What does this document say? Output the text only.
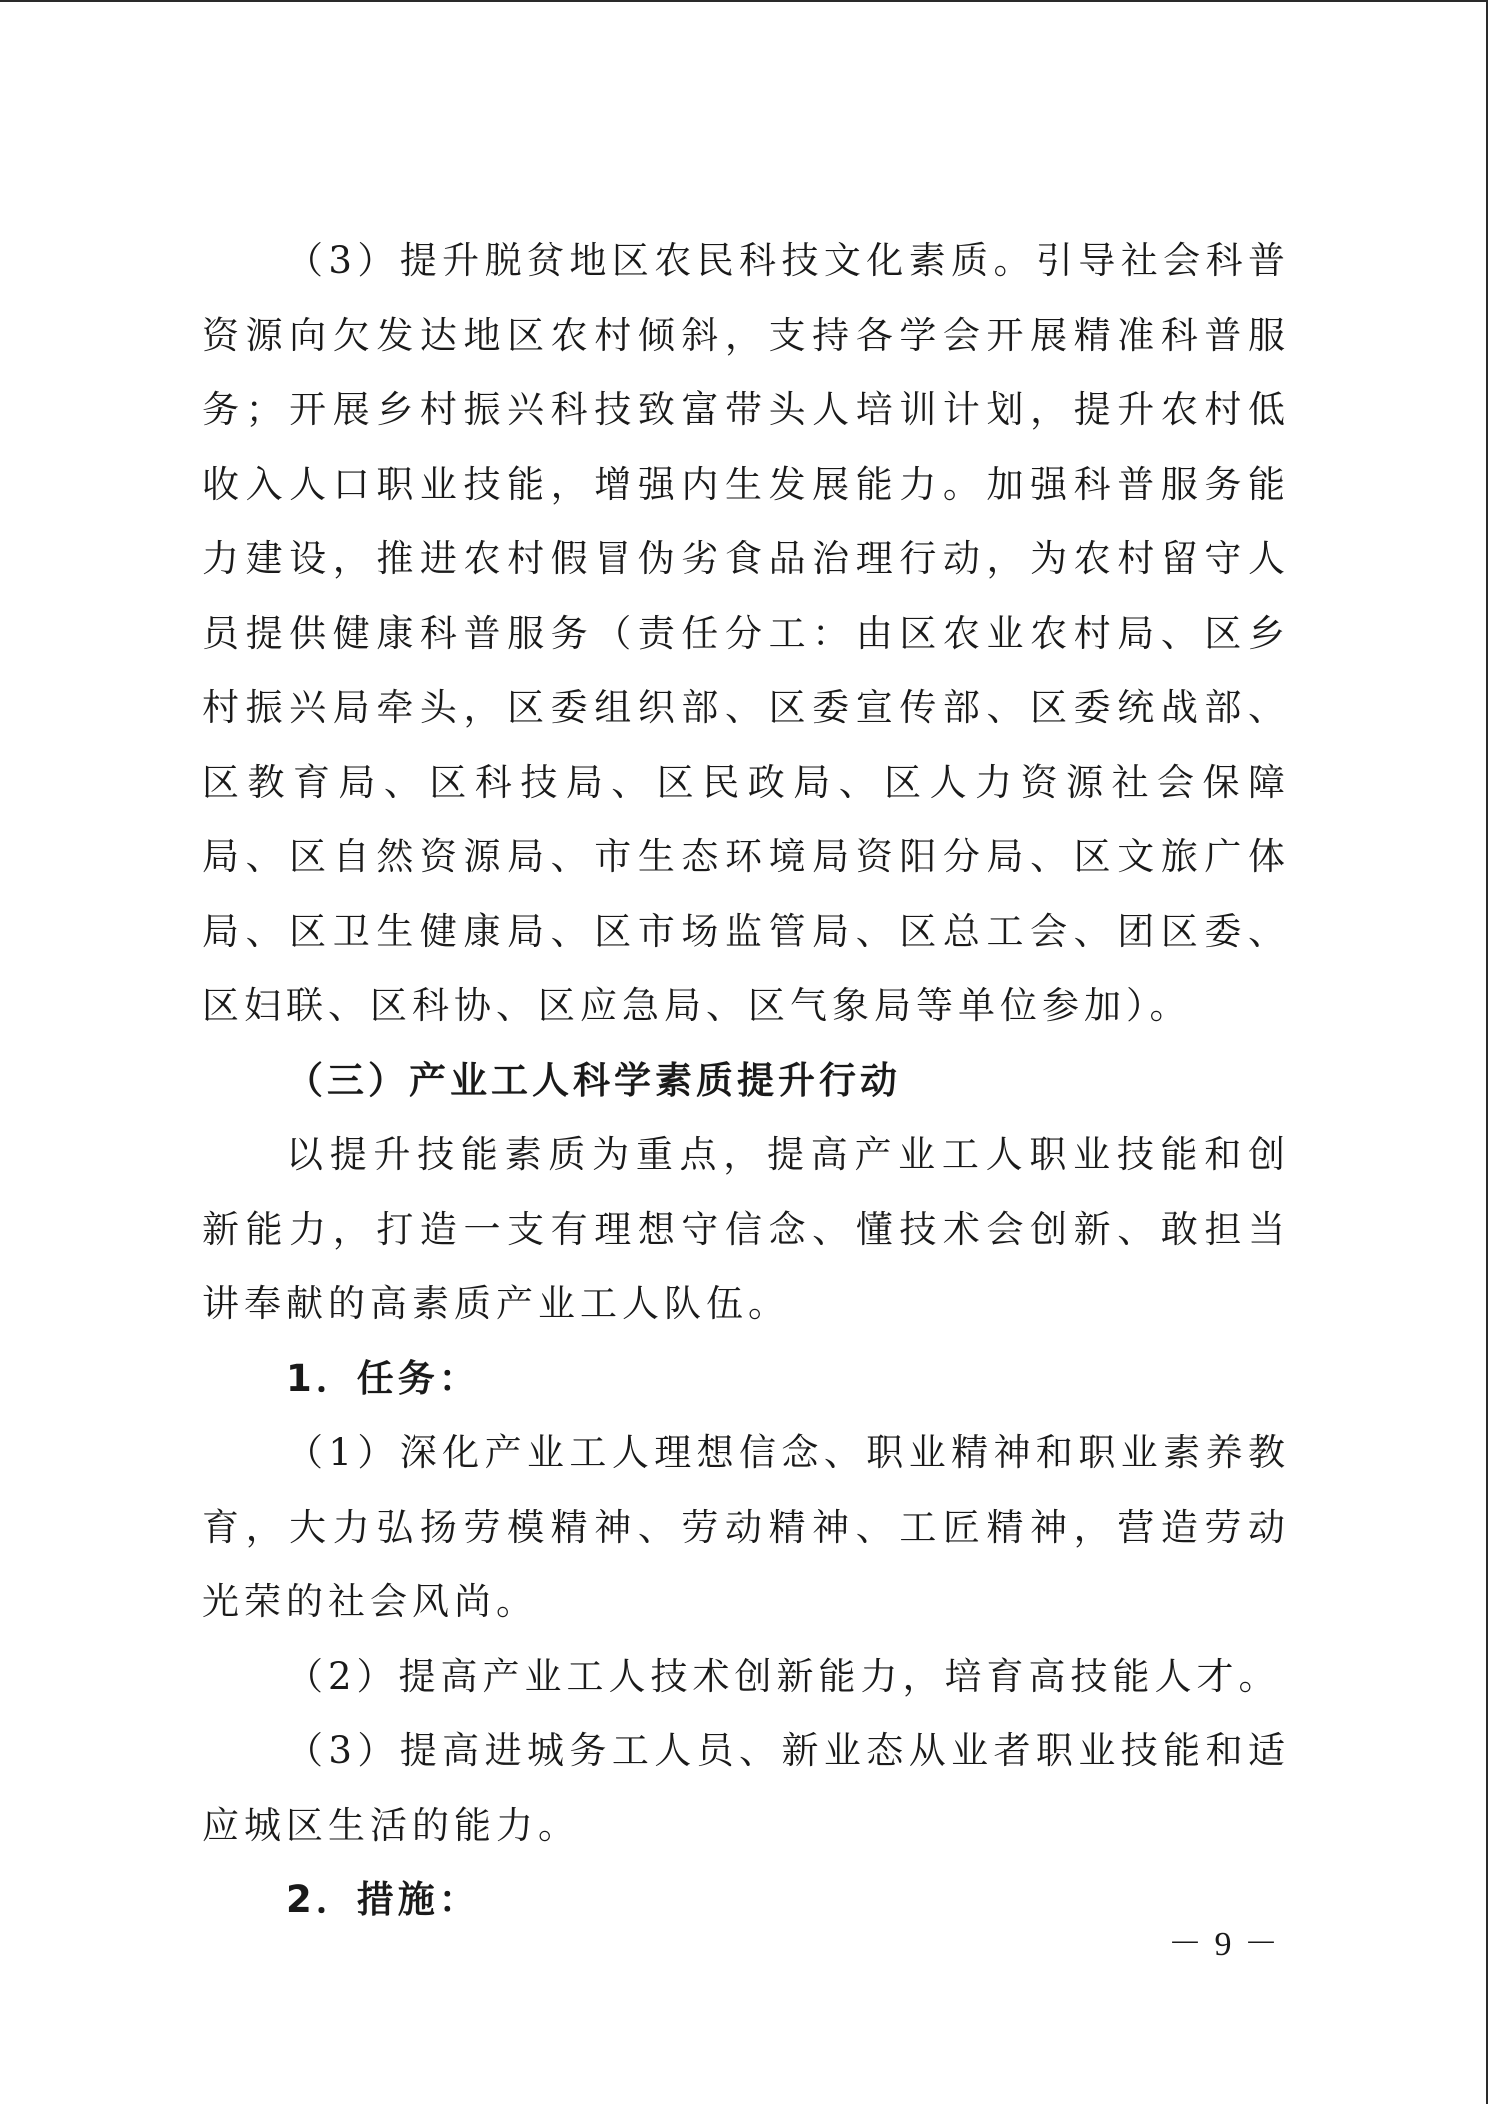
（3）提升脱贫地区农民科技文化素质。引导社会科普资源向欠发达地区农村倾斜，支持各学会开展精准科普服务；开展乡村振兴科技致富带头人培训计划，提升农村低收入人口职业技能，增强内生发展能力。加强科普服务能力建设，推进农村假冒伪劣食品治理行动，为农村留守人员提供健康科普服务（责任分工：由区农业农村局、区乡村振兴局牵头，区委组织部、区委宣传部、区委统战部、区教育局、区科技局、区民政局、区人力资源社会保障局、区自然资源局、市生态环境局资阳分局、区文旅广体局、区卫生健康局、区市场监管局、区总工会、团区委、区妇联、区科协、区应急局、区气象局等单位参加）。

（三）产业工人科学素质提升行动

以提升技能素质为重点，提高产业工人职业技能和创新能力，打造一支有理想守信念、懂技术会创新、敢担当讲奉献的高素质产业工人队伍。

1．任务：

（1）深化产业工人理想信念、职业精神和职业素养教育，大力弘扬劳模精神、劳动精神、工匠精神，营造劳动光荣的社会风尚。

（2）提高产业工人技术创新能力，培育高技能人才。

（3）提高进城务工人员、新业态从业者职业技能和适应城区生活的能力。

2．措施：

－ 9 －
